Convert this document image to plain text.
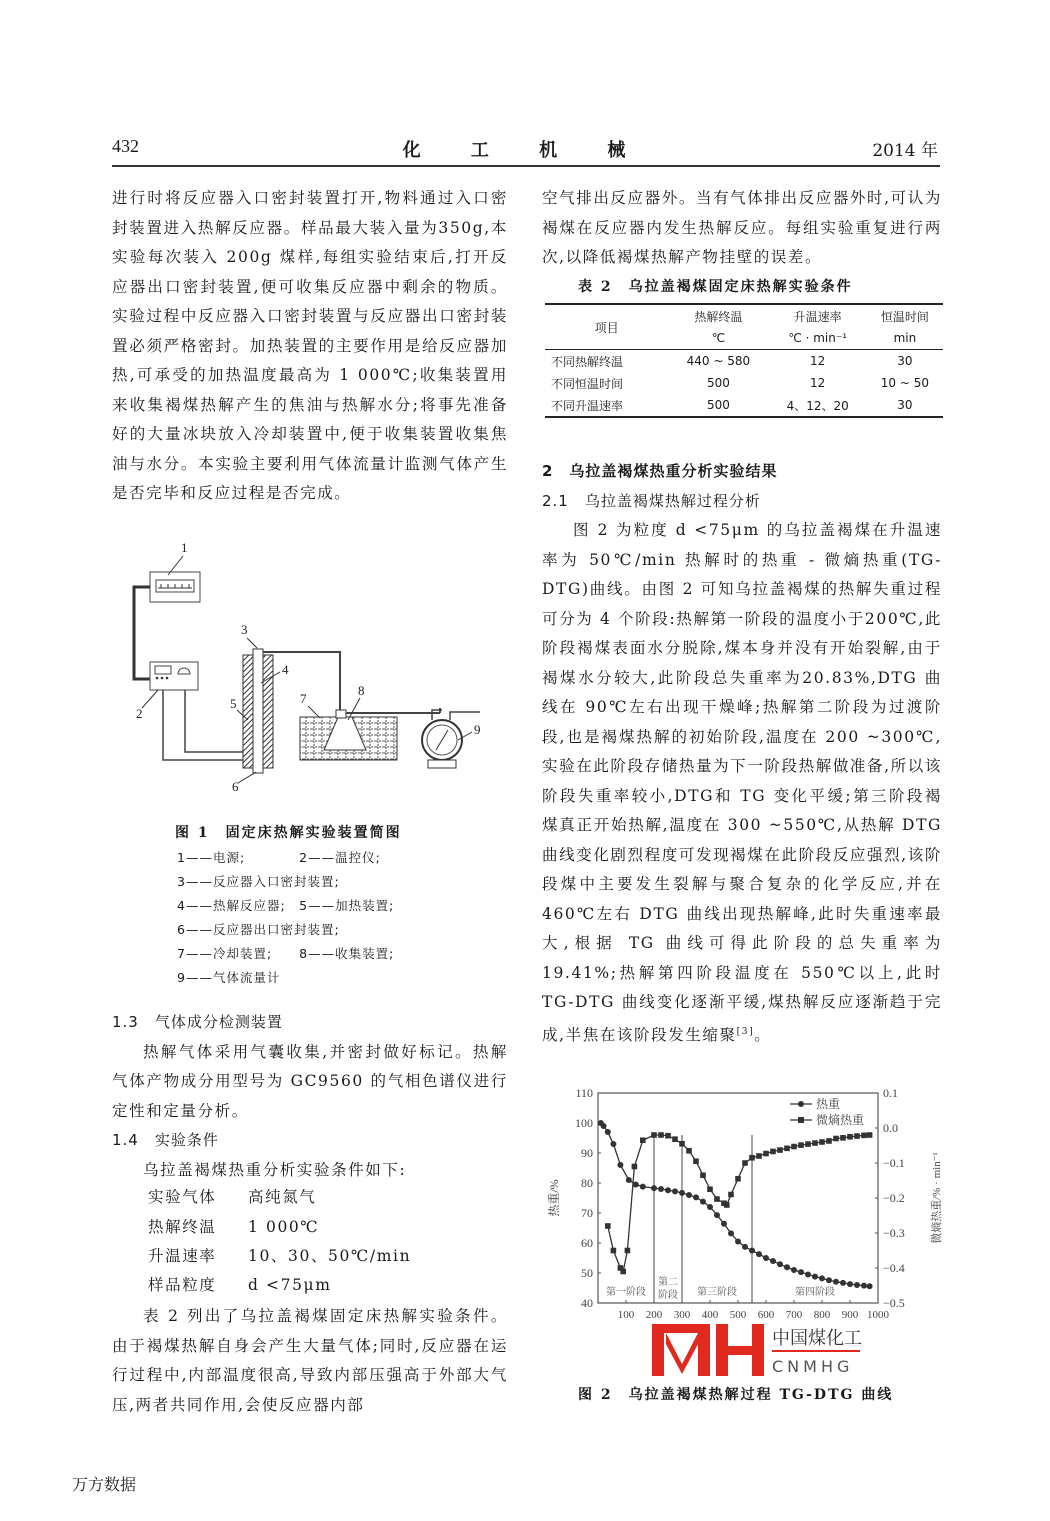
432	化 工 机 械	2014 年

进行时将反应器入口密封装置打开,物料通过入口密封装置进入热解反应器。样品最大装入量为350g,本实验每次装入 200g 煤样,每组实验结束后,打开反应器出口密封装置,便可收集反应器中剩余的物质。实验过程中反应器入口密封装置与反应器出口密封装置必须严格密封。加热装置的主要作用是给反应器加热,可承受的加热温度最高为 1 000℃;收集装置用来收集褐煤热解产生的焦油与热解水分;将事先准备好的大量冰块放入冷却装置中,便于收集装置收集焦油与水分。本实验主要利用气体流量计监测气体产生是否完毕和反应过程是否完成。

1
2
3
4
5
6
7
8
9
图 1　固定床热解实验装置简图
1——电源;　　　　2——温控仪;
3——反应器入口密封装置;
4——热解反应器;　5——加热装置;
6——反应器出口密封装置;
7——冷却装置;　　8——收集装置;
9——气体流量计

1.3　气体成分检测装置

热解气体采用气囊收集,并密封做好标记。热解气体产物成分用型号为 GC9560 的气相色谱仪进行定性和定量分析。

1.4　实验条件

乌拉盖褐煤热重分析实验条件如下:

实验气体 高纯氮气
热解终温 1 000℃
升温速率 10、30、50℃/min
样品粒度 d <75μm

表 2 列出了乌拉盖褐煤固定床热解实验条件。由于褐煤热解自身会产生大量气体;同时,反应器在运行过程中,内部温度很高,导致内部压强高于外部大气压,两者共同作用,会使反应器内部

空气排出反应器外。当有气体排出反应器外时,可认为褐煤在反应器内发生热解反应。每组实验重复进行两次,以降低褐煤热解产物挂壁的误差。

表 2　乌拉盖褐煤固定床热解实验条件
项目	热解终温	升温速率	恒温时间
	℃	℃ · min⁻¹	min
不同热解终温	440 ~ 580	12	30
不同恒温时间	500	12	10 ~ 50
不同升温速率	500	4、12、20	30

2　乌拉盖褐煤热重分析实验结果

2.1　乌拉盖褐煤热解过程分析

图 2 为粒度 d <75μm 的乌拉盖褐煤在升温速率为 50℃/min 热解时的热重 - 微熵热重(TG-DTG)曲线。由图 2 可知乌拉盖褐煤的热解失重过程可分为 4 个阶段:热解第一阶段的温度小于200℃,此阶段褐煤表面水分脱除,煤本身并没有开始裂解,由于褐煤水分较大,此阶段总失重率为20.83%,DTG 曲线在 90℃左右出现干燥峰;热解第二阶段为过渡阶段,也是褐煤热解的初始阶段,温度在 200 ~300℃,实验在此阶段存储热量为下一阶段热解做准备,所以该阶段失重率较小,DTG和 TG 变化平缓;第三阶段褐煤真正开始热解,温度在 300 ~550℃,从热解 DTG 曲线变化剧烈程度可发现褐煤在此阶段反应强烈,该阶段煤中主要发生裂解与聚合复杂的化学反应,并在 460℃左右 DTG 曲线出现热解峰,此时失重速率最大,根据 TG 曲线可得此阶段的总失重率为 19.41%;热解第四阶段温度在 550℃以上,此时 TG-DTG 曲线变化逐渐平缓,煤热解反应逐渐趋于完成,半焦在该阶段发生缩聚[3]。

100 200 300 400 500 600 700 800 900 1000
40
50
60
70
80
90
100
110	0.1
0.0
−0.1
−0.2
−0.3
−0.4
−0.5
热重/%	微熵热重/% · min⁻¹
第一阶段
第二
阶段 第三阶段	第四阶段
热重
微熵热重
中国煤化工
CNMHG
图 2　乌拉盖褐煤热解过程 TG-DTG 曲线
万方数据
